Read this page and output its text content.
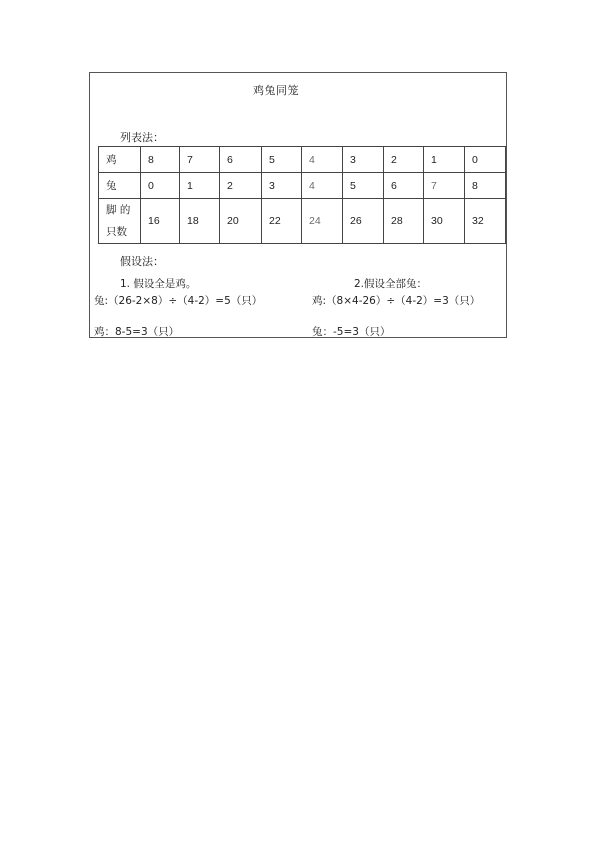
鸡兔同笼
列表法：
鸡	8	7	6	5	4	3	2	1	0
兔	0	1	2	3	4	5	6	7	8

脚 的
只数	16	18	20	22	24	26	28	30	32
假设法：
1. 假设全是鸡。
兔:（26-2×8）÷（4-2）=5（只）
鸡：8-5=3（只）
2.假设全部兔：
鸡:（8×4-26）÷（4-2）=3（只）
兔：-5=3（只）
